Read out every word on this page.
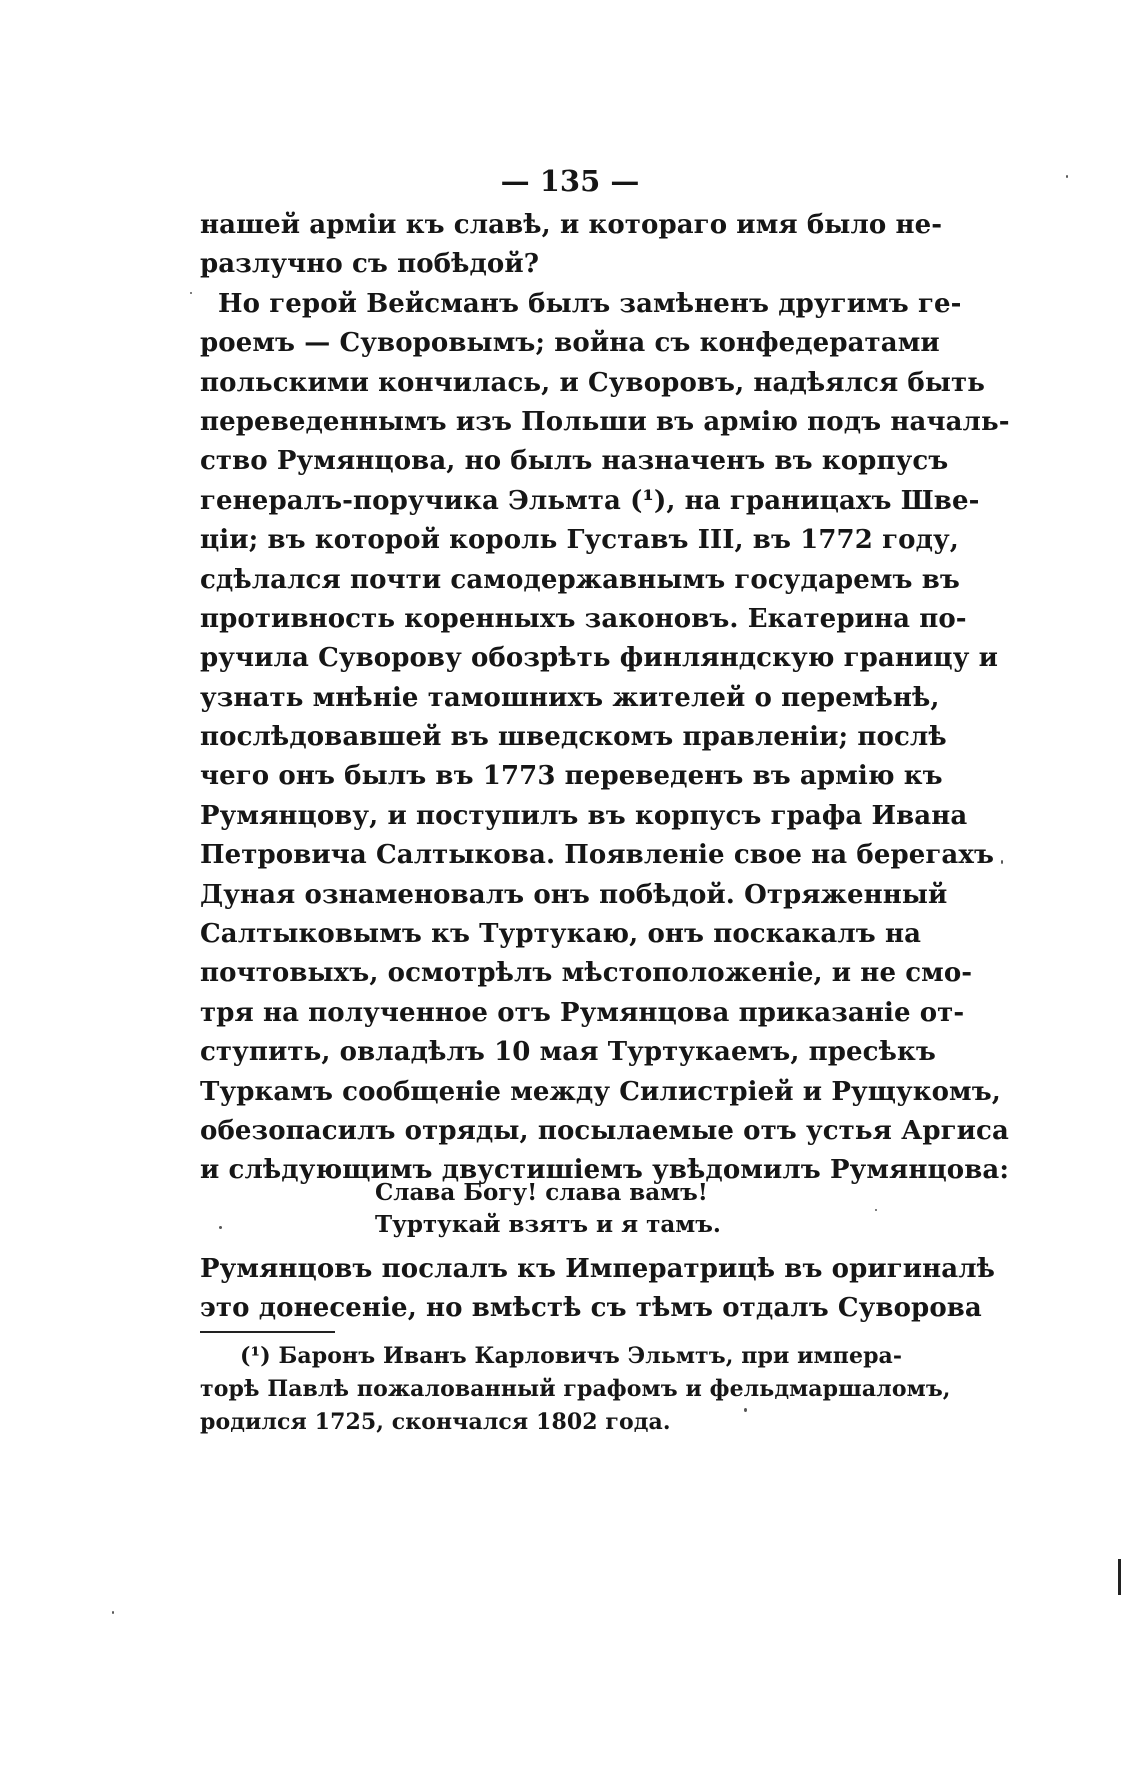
— 135 —
нашей арміи къ славѣ, и котораго имя было не-
разлучно съ побѣдой?
Но герой Вейсманъ былъ замѣненъ другимъ ге-
роемъ — Суворовымъ; война съ конфедератами
польскими кончилась, и Суворовъ, надѣялся быть
переведеннымъ изъ Польши въ армію подъ началь-
ство Румянцова, но былъ назначенъ въ корпусъ
генералъ-поручика Эльмта (¹), на границахъ Шве-
ціи; въ которой король Густавъ III, въ 1772 году,
сдѣлался почти самодержавнымъ государемъ въ
противность коренныхъ законовъ. Екатерина по-
ручила Суворову обозрѣть финляндскую границу и
узнать мнѣніе тамошнихъ жителей о перемѣнѣ,
послѣдовавшей въ шведскомъ правленіи; послѣ
чего онъ былъ въ 1773 переведенъ въ армію къ
Румянцову, и поступилъ въ корпусъ графа Ивана
Петровича Салтыкова. Появленіе свое на берегахъ
Дуная ознаменовалъ онъ побѣдой. Отряженный
Салтыковымъ къ Туртукаю, онъ поскакалъ на
почтовыхъ, осмотрѣлъ мѣстоположеніе, и не смо-
тря на полученное отъ Румянцова приказаніе от-
ступить, овладѣлъ 10 мая Туртукаемъ, пресѣкъ
Туркамъ сообщеніе между Силистріей и Рущукомъ,
обезопасилъ отряды, посылаемые отъ устья Аргиса
и слѣдующимъ двустишіемъ увѣдомилъ Румянцова:
Слава Богу! слава вамъ!
Туртукай взятъ и я тамъ.
Румянцовъ послалъ къ Императрицѣ въ оригиналѣ
это донесеніе, но вмѣстѣ съ тѣмъ отдалъ Суворова
(¹) Баронъ Иванъ Карловичъ Эльмтъ, при импера-
торѣ Павлѣ пожалованный графомъ и фельдмаршаломъ,
родился 1725, скончался 1802 года.
